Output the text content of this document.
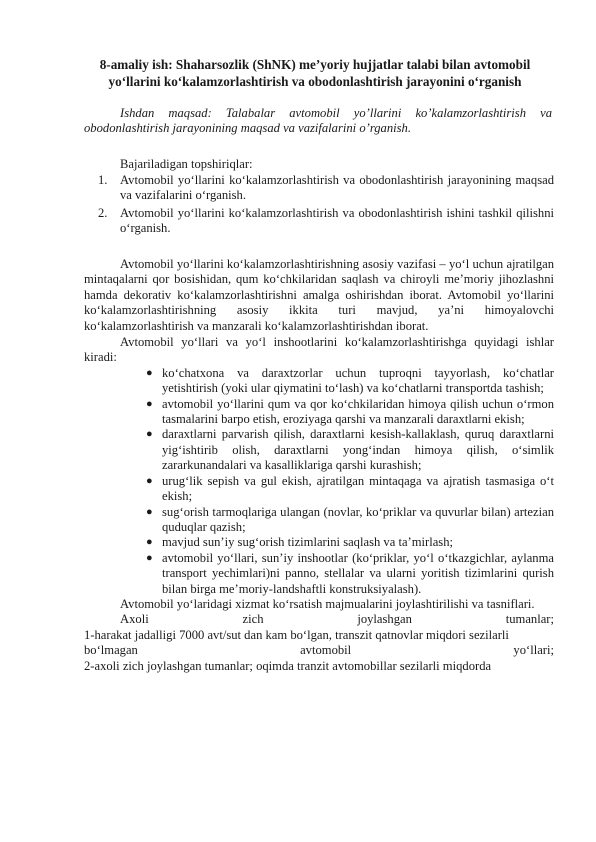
8-amaliy ish: Shaharsozlik (ShNK) me’yoriy hujjatlar talabi bilan avtomobil yo‘llarini ko‘kalamzorlashtirish va obodonlashtirish jarayonini o‘rganish
Ishdan maqsad: Talabalar avtomobil yo’llarini ko’kalamzorlashtirish va obodonlashtirish jarayonining maqsad va vazifalarini o’rganish.
Bajariladigan topshiriqlar:
1. Avtomobil yo‘llarini ko‘kalamzorlashtirish va obodonlashtirish jarayonining maqsad va vazifalarini o‘rganish.
2. Avtomobil yo‘llarini ko‘kalamzorlashtirish va obodonlashtirish ishini tashkil qilishni o‘rganish.

Avtomobil yo‘llarini ko‘kalamzorlashtirishning asosiy vazifasi – yo‘l uchun ajratilgan mintaqalarni qor bosishidan, qum ko‘chkilaridan saqlash va chiroyli me’moriy jihozlashni hamda dekorativ ko‘kalamzorlashtirishni amalga oshirishdan iborat. Avtomobil yo‘llarini ko‘kalamzorlashtirishning asosiy ikkita turi mavjud, ya’ni himoyalovchi ko‘kalamzorlashtirish va manzarali ko‘kalamzorlashtirishdan iborat.

Avtomobil yo‘llari va yo‘l inshootlarini ko‘kalamzorlashtirishga quyidagi ishlar kiradi:

● ko‘chatxona va daraxtzorlar uchun tuproqni tayyorlash, ko‘chatlar yetishtirish (yoki ular qiymatini to‘lash) va ko‘chatlarni transportda tashish;
● avtomobil yo‘llarini qum va qor ko‘chkilaridan himoya qilish uchun o‘rmon tasmalarini barpo etish, eroziyaga qarshi va manzarali daraxtlarni ekish;
● daraxtlarni parvarish qilish, daraxtlarni kesish-kallaklash, quruq daraxtlarni yig‘ishtirib olish, daraxtlarni yong‘indan himoya qilish, o‘simlik zararkunandalari va kasalliklariga qarshi kurashish;
● urug‘lik sepish va gul ekish, ajratilgan mintaqaga va ajratish tasmasiga o‘t ekish;
● sug‘orish tarmoqlariga ulangan (novlar, ko‘priklar va quvurlar bilan) artezian quduqlar qazish;
● mavjud sun’iy sug‘orish tizimlarini saqlash va ta’mirlash;
● avtomobil yo‘llari, sun’iy inshootlar (ko‘priklar, yo‘l o‘tkazgichlar, aylanma transport yechimlari)ni panno, stellalar va ularni yoritish tizimlarini qurish bilan birga me’moriy-landshaftli konstruksiyalash).

Avtomobil yo‘laridagi xizmat ko‘rsatish majmualarini joylashtirilishi va tasniflari.

Axoli	zich	joylashgan	tumanlar;

1-harakat jadalligi 7000 avt/sut dan kam bo‘lgan, transzit qatnovlar miqdori sezilarli

bo‘lmagan	avtomobil	yo‘llari;

2-axoli zich joylashgan tumanlar; oqimda tranzit avtomobillar sezilarli miqdorda
